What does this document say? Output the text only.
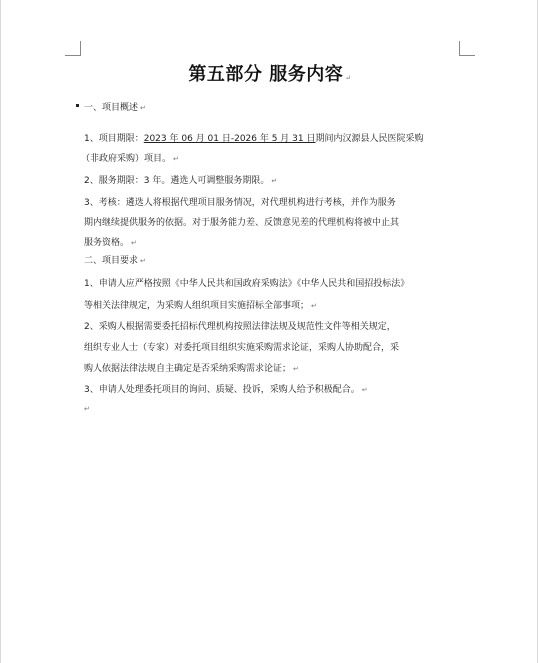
第五部分 服务内容 ↵
一、项目概述 ↵
1、项目期限：2023 年 06 月 01 日-2026 年 5 月 31 日期间内汉源县人民医院采购
（非政府采购）项目。 ↵
2、服务期限：3 年。遴选人可调整服务期限。 ↵
3、考核：遴选人将根据代理项目服务情况，对代理机构进行考核，并作为服务
期内继续提供服务的依据。对于服务能力差、反馈意见差的代理机构将被中止其
服务资格。 ↵
二、项目要求 ↵
1、申请人应严格按照《中华人民共和国政府采购法》《中华人民共和国招投标法》
等相关法律规定，为采购人组织项目实施招标全部事项； ↵
2、采购人根据需要委托招标代理机构按照法律法规及规范性文件等相关规定，
组织专业人士（专家）对委托项目组织实施采购需求论证，采购人协助配合，采
购人依据法律法规自主确定是否采纳采购需求论证； ↵
3、申请人处理委托项目的询问、质疑、投诉，采购人给予积极配合。 ↵
↵
